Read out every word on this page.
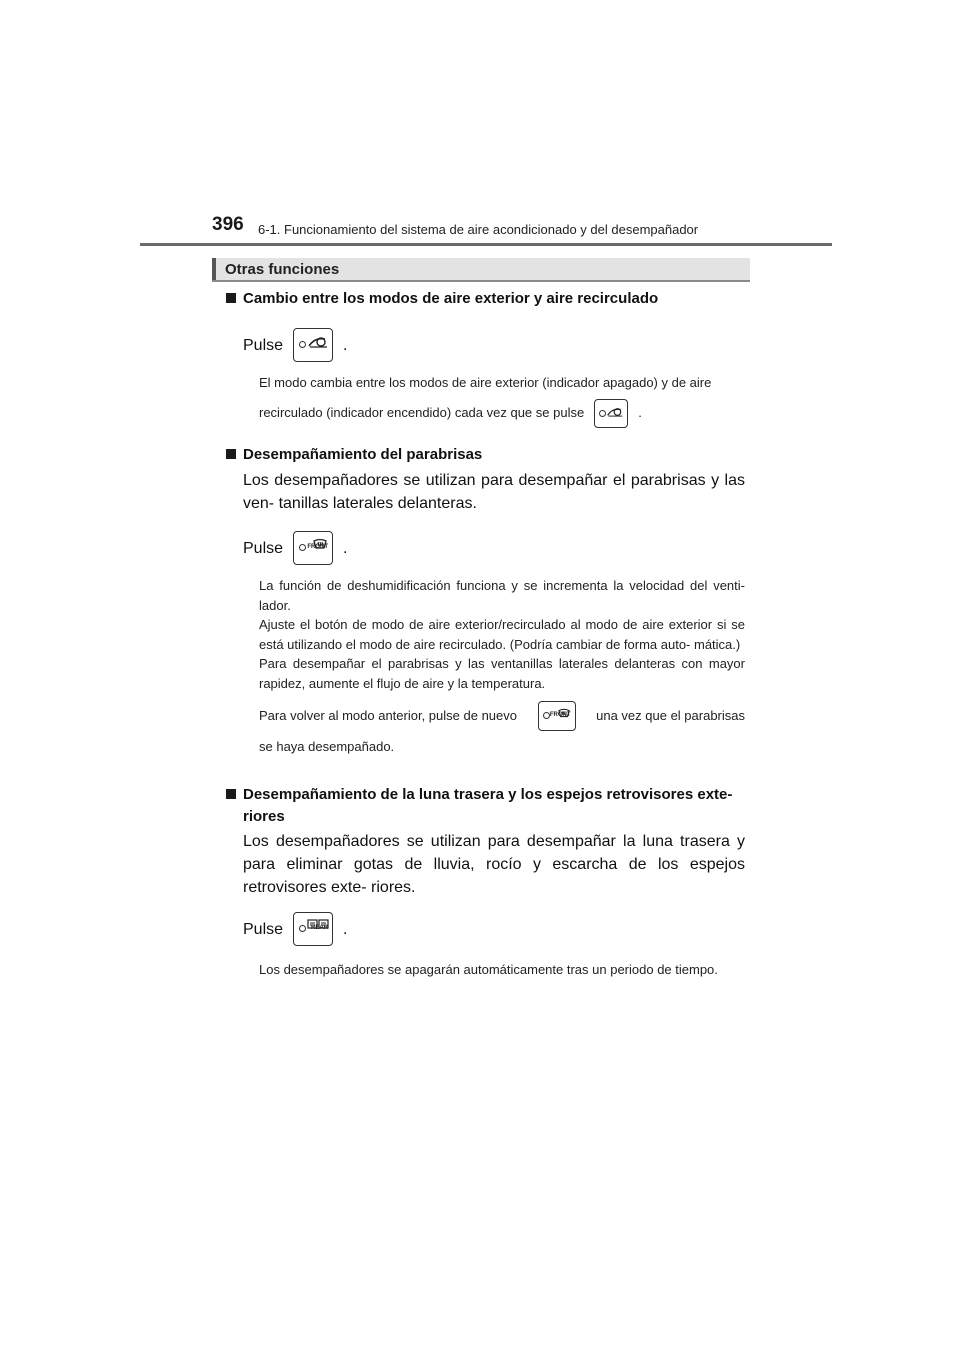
396 6-1. Funcionamiento del sistema de aire acondicionado y del desempañador
Otras funciones
Cambio entre los modos de aire exterior y aire recirculado
Pulse	.
El modo cambia entre los modos de aire exterior (indicador apagado) y de aire
recirculado (indicador encendido) cada vez que se pulse	.
Desempañamiento del parabrisas
Los desempañadores se utilizan para desempañar el parabrisas y las ven- tanillas laterales delanteras.
Pulse	FRONT .
La función de deshumidificación funciona y se incrementa la velocidad del venti- lador.
Ajuste el botón de modo de aire exterior/recirculado al modo de aire exterior si se está utilizando el modo de aire recirculado. (Podría cambiar de forma auto- mática.)
Para desempañar el parabrisas y las ventanillas laterales delanteras con mayor rapidez, aumente el flujo de aire y la temperatura.
Para volver al modo anterior, pulse de nuevo	FRONT una vez que el parabrisas
se haya desempañado.
Desempañamiento de la luna trasera y los espejos retrovisores exte-
riores
Los desempañadores se utilizan para desempañar la luna trasera y para eliminar gotas de lluvia, rocío y escarcha de los espejos retrovisores exte- riores.
Pulse	REAR .
Los desempañadores se apagarán automáticamente tras un periodo de tiempo.
